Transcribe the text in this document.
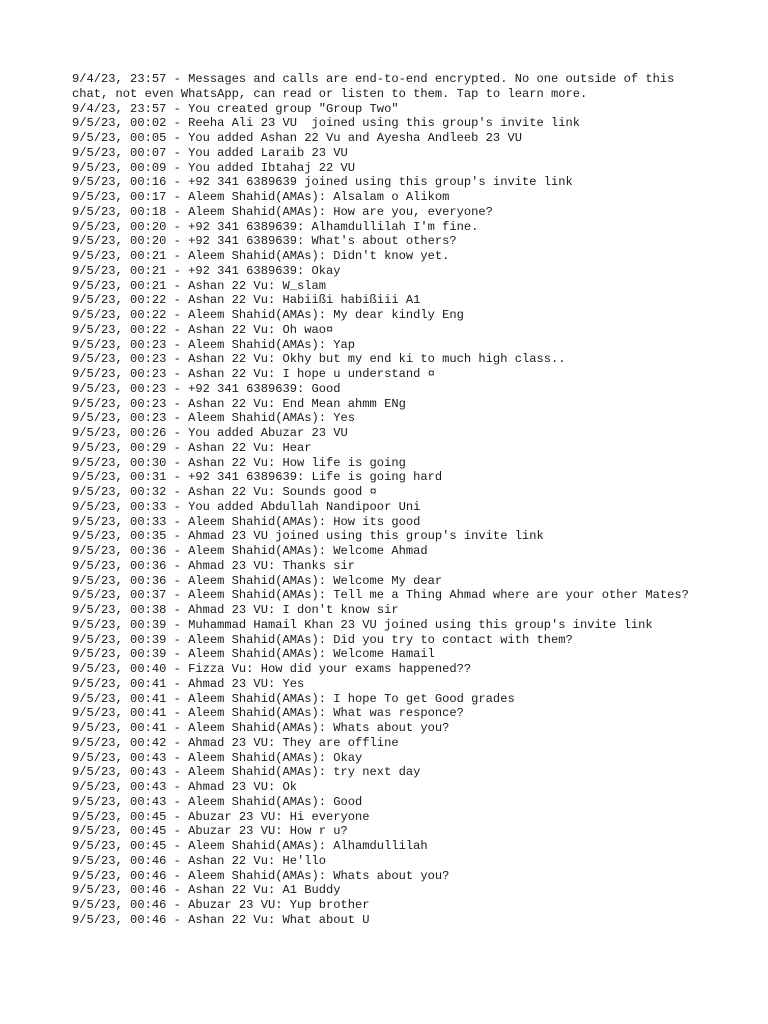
9/4/23, 23:57 - Messages and calls are end-to-end encrypted. No one outside of this chat, not even WhatsApp, can read or listen to them. Tap to learn more.
9/4/23, 23:57 - You created group "Group Two"
9/5/23, 00:02 - Reeha Ali 23 VU  joined using this group's invite link
9/5/23, 00:05 - You added Ashan 22 Vu and Ayesha Andleeb 23 VU
9/5/23, 00:07 - You added Laraib 23 VU
9/5/23, 00:09 - You added Ibtahaj 22 VU
9/5/23, 00:16 - +92 341 6389639 joined using this group's invite link
9/5/23, 00:17 - Aleem Shahid(AMAs): Alsalam o Alikom
9/5/23, 00:18 - Aleem Shahid(AMAs): How are you, everyone?
9/5/23, 00:20 - +92 341 6389639: Alhamdullilah I'm fine.
9/5/23, 00:20 - +92 341 6389639: What's about others?
9/5/23, 00:21 - Aleem Shahid(AMAs): Didn't know yet.
9/5/23, 00:21 - +92 341 6389639: Okay
9/5/23, 00:21 - Ashan 22 Vu: W_slam
9/5/23, 00:22 - Ashan 22 Vu: Habiißi habißiii A1
9/5/23, 00:22 - Aleem Shahid(AMAs): My dear kindly Eng
9/5/23, 00:22 - Ashan 22 Vu: Oh wao¤
9/5/23, 00:23 - Aleem Shahid(AMAs): Yap
9/5/23, 00:23 - Ashan 22 Vu: Okhy but my end ki to much high class..
9/5/23, 00:23 - Ashan 22 Vu: I hope u understand ¤
9/5/23, 00:23 - +92 341 6389639: Good
9/5/23, 00:23 - Ashan 22 Vu: End Mean ahmm ENg
9/5/23, 00:23 - Aleem Shahid(AMAs): Yes
9/5/23, 00:26 - You added Abuzar 23 VU
9/5/23, 00:29 - Ashan 22 Vu: Hear
9/5/23, 00:30 - Ashan 22 Vu: How life is going
9/5/23, 00:31 - +92 341 6389639: Life is going hard
9/5/23, 00:32 - Ashan 22 Vu: Sounds good ¤
9/5/23, 00:33 - You added Abdullah Nandipoor Uni
9/5/23, 00:33 - Aleem Shahid(AMAs): How its good
9/5/23, 00:35 - Ahmad 23 VU joined using this group's invite link
9/5/23, 00:36 - Aleem Shahid(AMAs): Welcome Ahmad
9/5/23, 00:36 - Ahmad 23 VU: Thanks sir
9/5/23, 00:36 - Aleem Shahid(AMAs): Welcome My dear
9/5/23, 00:37 - Aleem Shahid(AMAs): Tell me a Thing Ahmad where are your other Mates?
9/5/23, 00:38 - Ahmad 23 VU: I don't know sir
9/5/23, 00:39 - Muhammad Hamail Khan 23 VU joined using this group's invite link
9/5/23, 00:39 - Aleem Shahid(AMAs): Did you try to contact with them?
9/5/23, 00:39 - Aleem Shahid(AMAs): Welcome Hamail
9/5/23, 00:40 - Fizza Vu: How did your exams happened??
9/5/23, 00:41 - Ahmad 23 VU: Yes
9/5/23, 00:41 - Aleem Shahid(AMAs): I hope To get Good grades
9/5/23, 00:41 - Aleem Shahid(AMAs): What was responce?
9/5/23, 00:41 - Aleem Shahid(AMAs): Whats about you?
9/5/23, 00:42 - Ahmad 23 VU: They are offline
9/5/23, 00:43 - Aleem Shahid(AMAs): Okay
9/5/23, 00:43 - Aleem Shahid(AMAs): try next day
9/5/23, 00:43 - Ahmad 23 VU: Ok
9/5/23, 00:43 - Aleem Shahid(AMAs): Good
9/5/23, 00:45 - Abuzar 23 VU: Hi everyone
9/5/23, 00:45 - Abuzar 23 VU: How r u?
9/5/23, 00:45 - Aleem Shahid(AMAs): Alhamdullilah
9/5/23, 00:46 - Ashan 22 Vu: He'llo
9/5/23, 00:46 - Aleem Shahid(AMAs): Whats about you?
9/5/23, 00:46 - Ashan 22 Vu: A1 Buddy
9/5/23, 00:46 - Abuzar 23 VU: Yup brother
9/5/23, 00:46 - Ashan 22 Vu: What about U
